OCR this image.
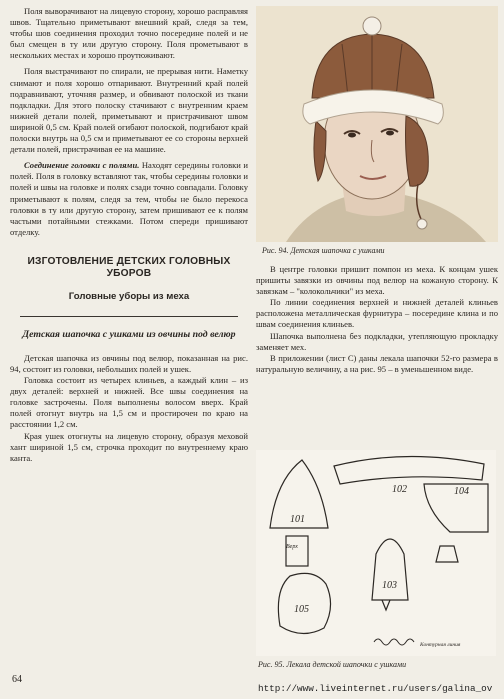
Поля выворачивают на лицевую сторону, хорошо расправляя швов. Тщательно приметывают внешний край, следя за тем, чтобы шов соединения проходил точно посередине полей и не был смещен в ту или другую сторону. Поля прометывают в нескольких местах и хорошо проутюживают.

Поля выстрачивают по спирали, не прерывая нити. Наметку снимают и поля хорошо отпаривают. Внутренний край полей подравнивают, уточняя размер, и обвивают полоской из ткани подкладки. Для этого полоску стачивают с внутренним краем нижней детали полей, приметывают и пристрачивают швом шириной 0,5 см. Край полей огибают полоской, подгибают край полоски внутрь на 0,5 см и приметывают ее со стороны верхней детали полей, пристрачивая ее на машине.

Соединение головки с полями. Находят середины головки и полей. Поля в головку вставляют так, чтобы середины головки и полей и швы на головке и полях сзади точно совпадали. Головку приметывают к полям, следя за тем, чтобы не было перекоса головки в ту или другую сторону, затем пришивают ее к полям частыми потайными стежками. Потом спереди пришивают отделку.

ИЗГОТОВЛЕНИЕ ДЕТСКИХ ГОЛОВНЫХ УБОРОВ
Головные уборы из меха
Детская шапочка с ушками из овчины под велюр

Детская шапочка из овчины под велюр, показанная на рис. 94, состоит из головки, небольших полей и ушек.

Головка состоит из четырех клиньев, а каждый клин – из двух деталей: верхней и нижней. Все швы соединения на головке застрочены. Поля выполнены волосом вверх. Край полей отогнут внутрь на 1,5 см и простирочен по краю на расстоянии 1,2 см.

Края ушек отогнуты на лицевую сторону, образуя меховой хант шириной 1,5 см, строчка проходит по внутреннему краю канта.

Рис. 94. Детская шапочка с ушками

В центре головки пришит помпон из меха. К концам ушек пришиты завязки из овчины под велюр на кожаную сторону. К завязкам – "колокольчики" из меха.

По линии соединения верхней и нижней деталей клиньев расположена металлическая фурнитура – посередине клина и по швам соединения клиньев.

Шапочка выполнена без подкладки, утепляющую прокладку заменяет мех.

В приложении (лист С) даны лекала шапочки 52-го размера в натуральную величину, а на рис. 95 – в уменьшенном виде.

101
102	104
103
105
Верх
Контурная линия
Рис. 95. Лекала детской шапочки с ушками
64
http://www.liveinternet.ru/users/galina_ov
